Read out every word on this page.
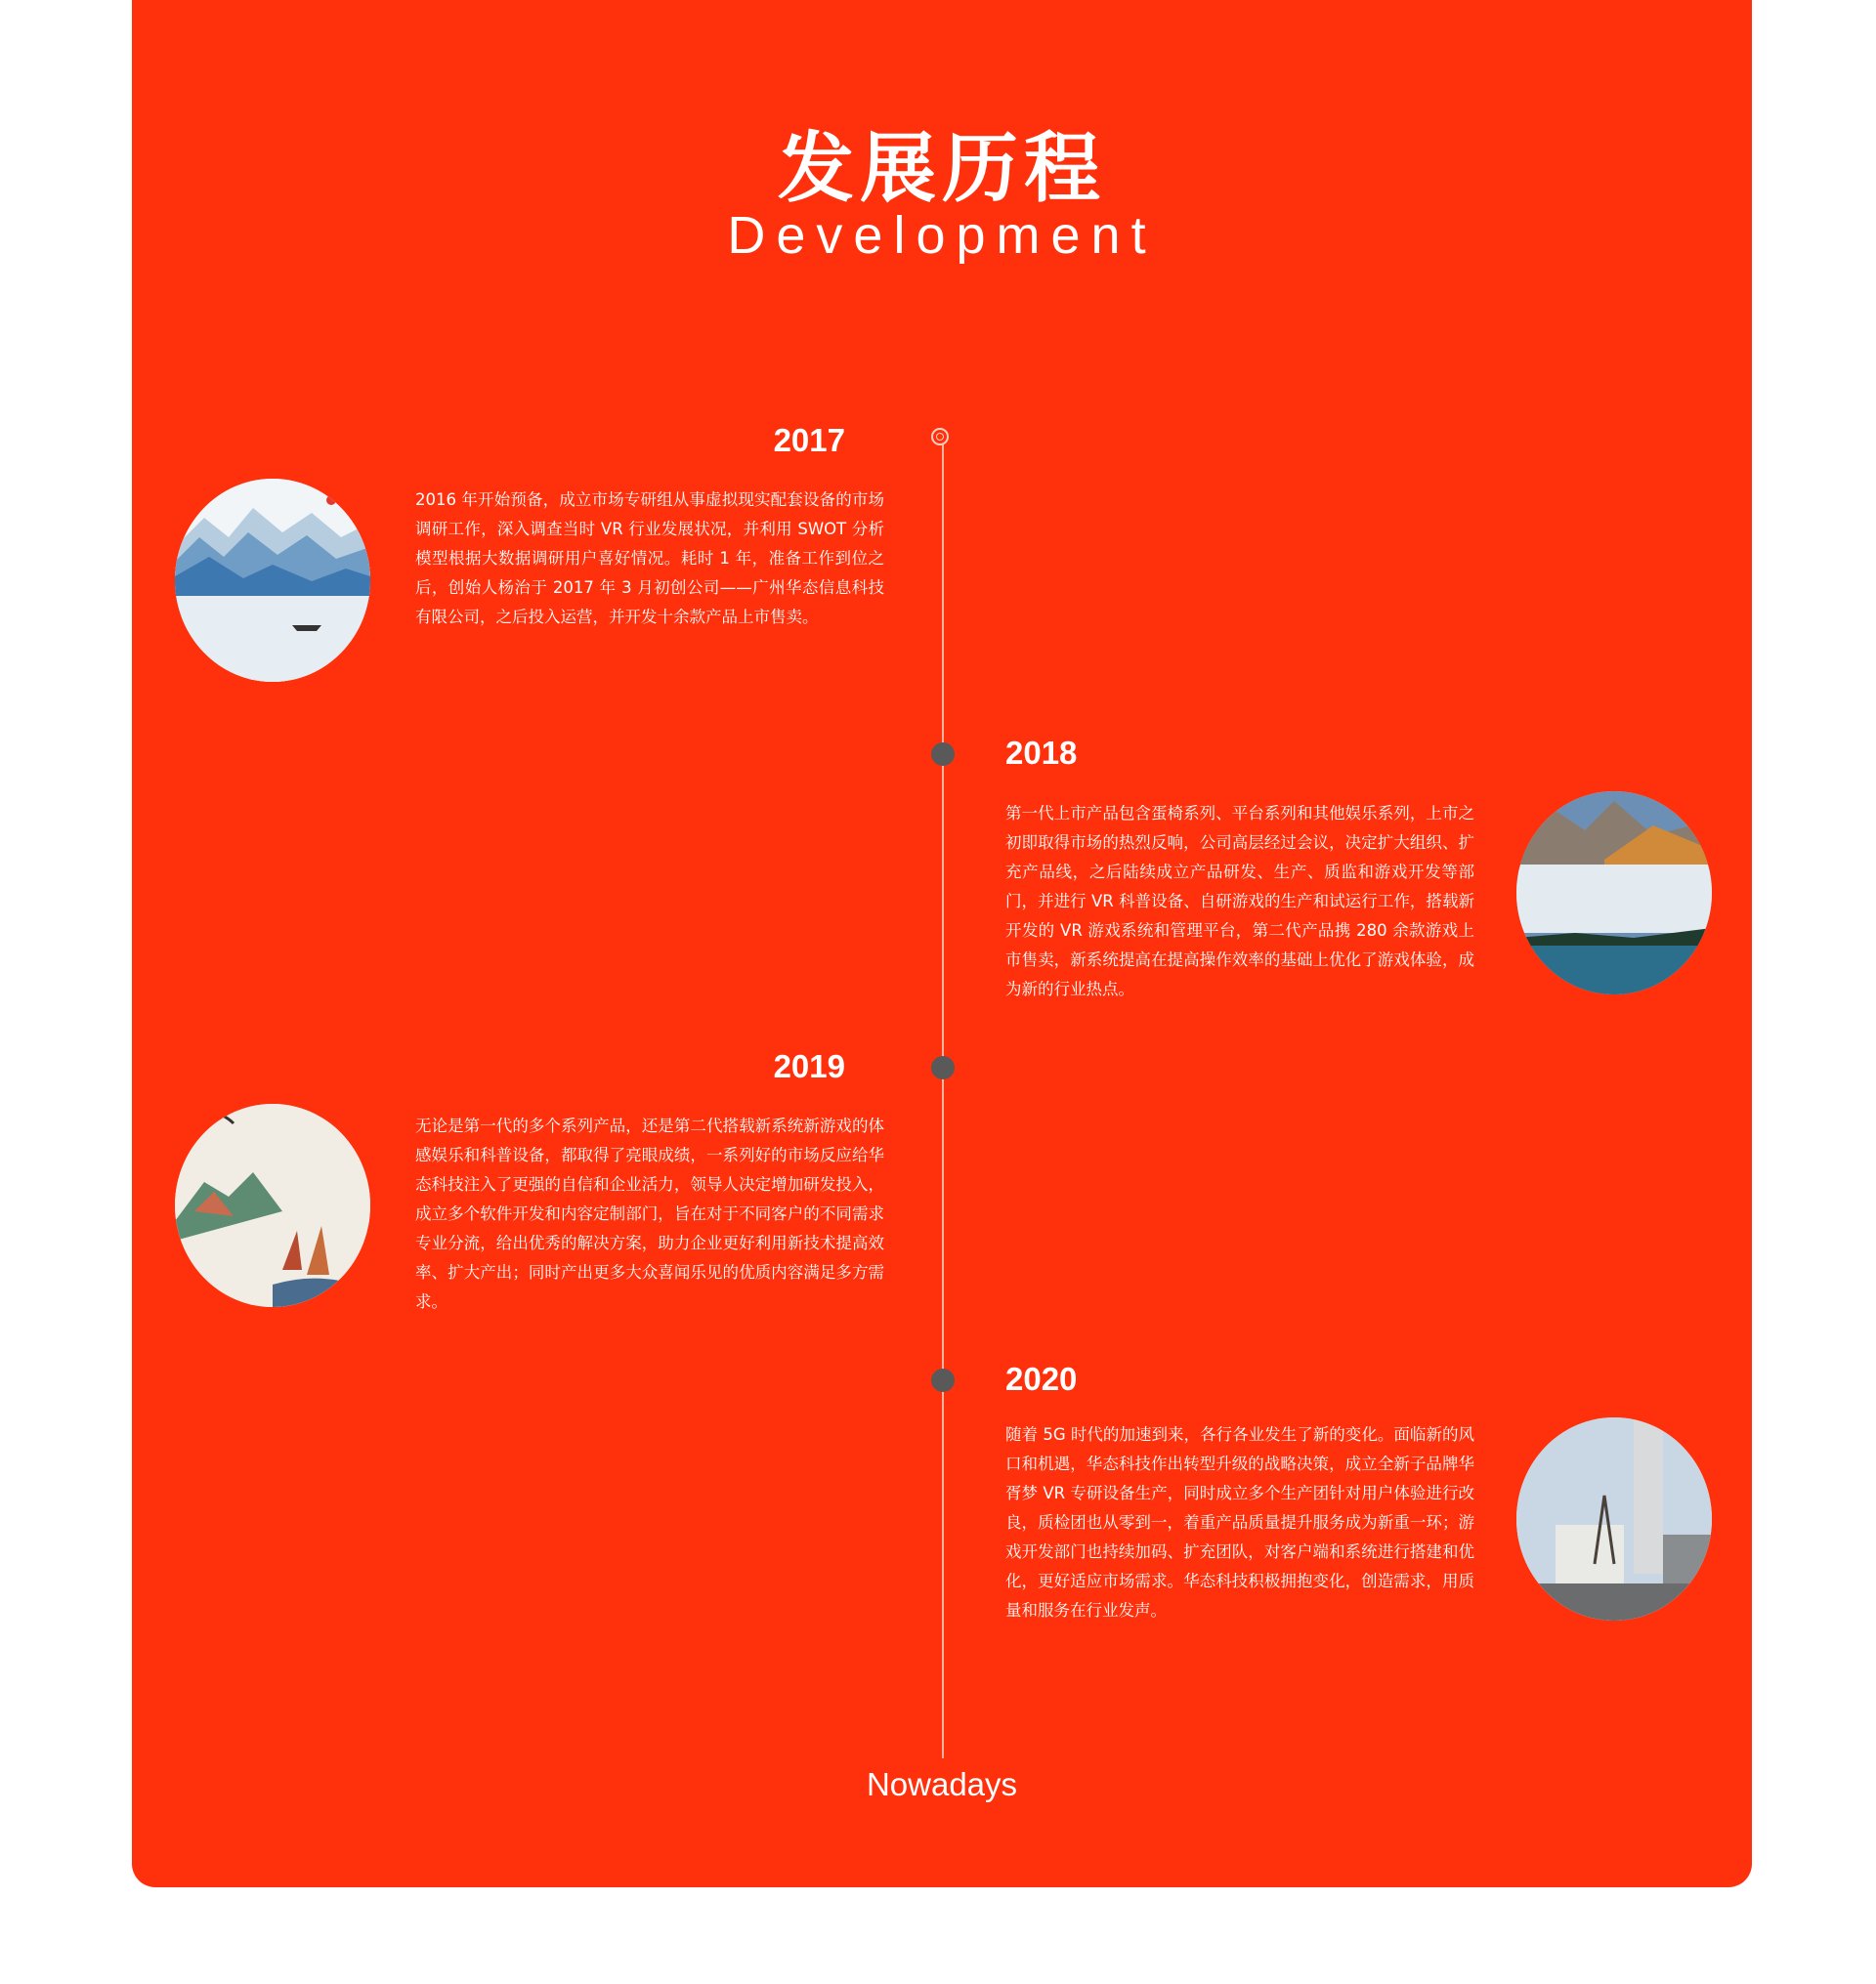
发展历程
Development
2017
2016 年开始预备，成立市场专研组从事虚拟现实配套设备的市场调研工作，深入调查当时 VR 行业发展状况，并利用 SWOT 分析模型根据大数据调研用户喜好情况。耗时 1 年，准备工作到位之后，创始人杨治于 2017 年 3 月初创公司——广州华态信息科技有限公司，之后投入运营，并开发十余款产品上市售卖。
2018
第一代上市产品包含蛋椅系列、平台系列和其他娱乐系列，上市之初即取得市场的热烈反响，公司高层经过会议，决定扩大组织、扩充产品线，之后陆续成立产品研发、生产、质监和游戏开发等部门，并进行 VR 科普设备、自研游戏的生产和试运行工作，搭载新开发的 VR 游戏系统和管理平台，第二代产品携 280 余款游戏上市售卖，新系统提高在提高操作效率的基础上优化了游戏体验，成为新的行业热点。
2019
无论是第一代的多个系列产品，还是第二代搭载新系统新游戏的体感娱乐和科普设备，都取得了亮眼成绩，一系列好的市场反应给华态科技注入了更强的自信和企业活力，领导人决定增加研发投入，成立多个软件开发和内容定制部门，旨在对于不同客户的不同需求专业分流，给出优秀的解决方案，助力企业更好利用新技术提高效率、扩大产出；同时产出更多大众喜闻乐见的优质内容满足多方需求。
2020
随着 5G 时代的加速到来，各行各业发生了新的变化。面临新的风口和机遇，华态科技作出转型升级的战略决策，成立全新子品牌华胥梦 VR 专研设备生产，同时成立多个生产团针对用户体验进行改良，质检团也从零到一，着重产品质量提升服务成为新重一环；游戏开发部门也持续加码、扩充团队，对客户端和系统进行搭建和优化，更好适应市场需求。华态科技积极拥抱变化，创造需求，用质量和服务在行业发声。
Nowadays
